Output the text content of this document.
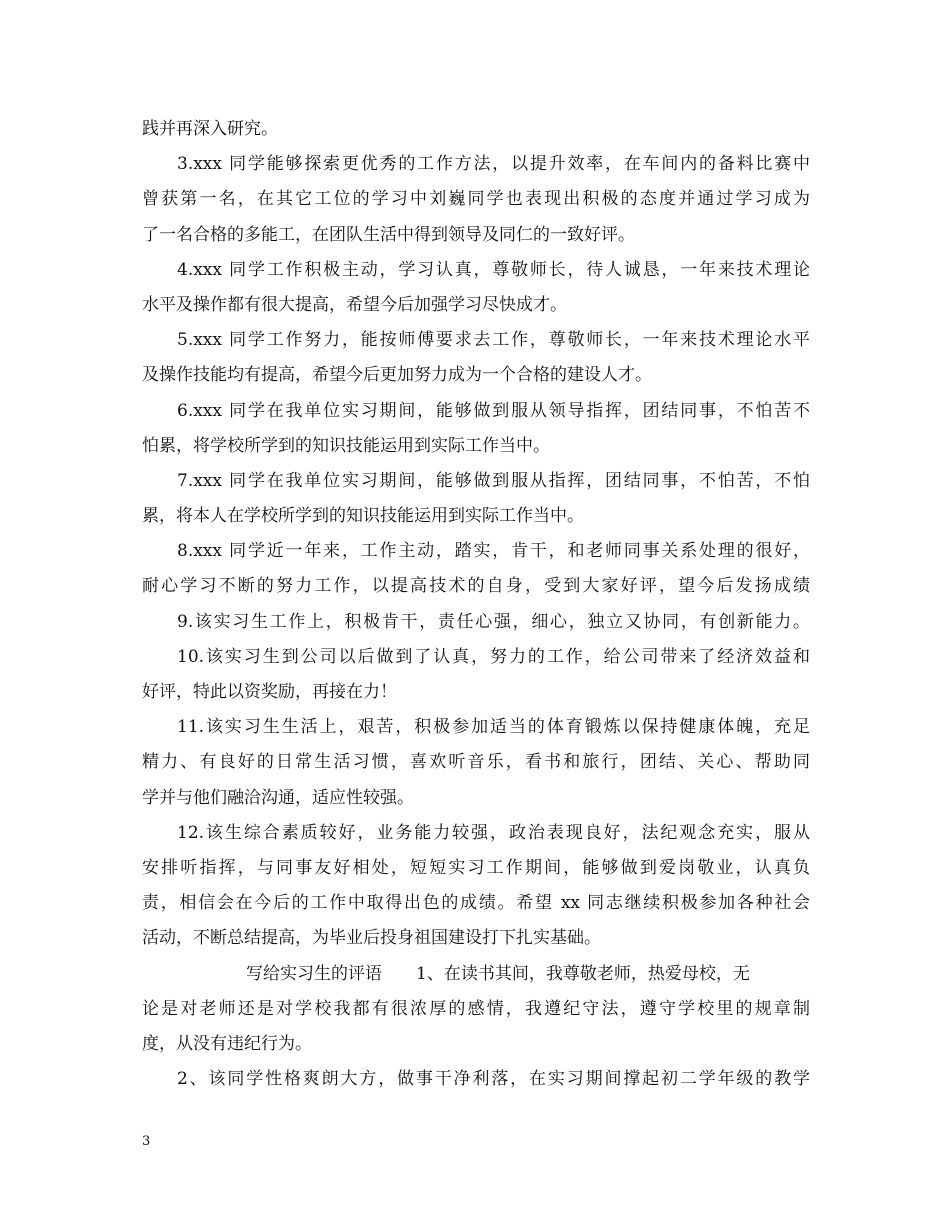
践并再深入研究。
3.xxx 同学能够探索更优秀的工作方法，以提升效率，在车间内的备料比赛中
曾获第一名，在其它工位的学习中刘巍同学也表现出积极的态度并通过学习成为
了一名合格的多能工，在团队生活中得到领导及同仁的一致好评。
4.xxx 同学工作积极主动，学习认真，尊敬师长，待人诚恳，一年来技术理论
水平及操作都有很大提高，希望今后加强学习尽快成才。
5.xxx 同学工作努力，能按师傅要求去工作，尊敬师长，一年来技术理论水平
及操作技能均有提高，希望今后更加努力成为一个合格的建设人才。
6.xxx 同学在我单位实习期间，能够做到服从领导指挥，团结同事，不怕苦不
怕累，将学校所学到的知识技能运用到实际工作当中。
7.xxx 同学在我单位实习期间，能够做到服从指挥，团结同事，不怕苦，不怕
累，将本人在学校所学到的知识技能运用到实际工作当中。
8.xxx 同学近一年来，工作主动，踏实，肯干，和老师同事关系处理的很好，
耐心学习不断的努力工作，以提高技术的自身，受到大家好评，望今后发扬成绩
9.该实习生工作上，积极肯干，责任心强，细心，独立又协同，有创新能力。
10.该实习生到公司以后做到了认真，努力的工作，给公司带来了经济效益和
好评，特此以资奖励，再接在力！
11.该实习生生活上，艰苦，积极参加适当的体育锻炼以保持健康体魄，充足
精力、有良好的日常生活习惯，喜欢听音乐，看书和旅行，团结、关心、帮助同
学并与他们融洽沟通，适应性较强。
12.该生综合素质较好，业务能力较强，政治表现良好，法纪观念充实，服从
安排听指挥，与同事友好相处，短短实习工作期间，能够做到爱岗敬业，认真负
责，相信会在今后的工作中取得出色的成绩。希望 xx 同志继续积极参加各种社会
活动，不断总结提高，为毕业后投身祖国建设打下扎实基础。
写给实习生的评语 1、在读书其间，我尊敬老师，热爱母校，无
论是对老师还是对学校我都有很浓厚的感情，我遵纪守法，遵守学校里的规章制
度，从没有违纪行为。
2、该同学性格爽朗大方，做事干净利落，在实习期间撑起初二学年级的教学
3
